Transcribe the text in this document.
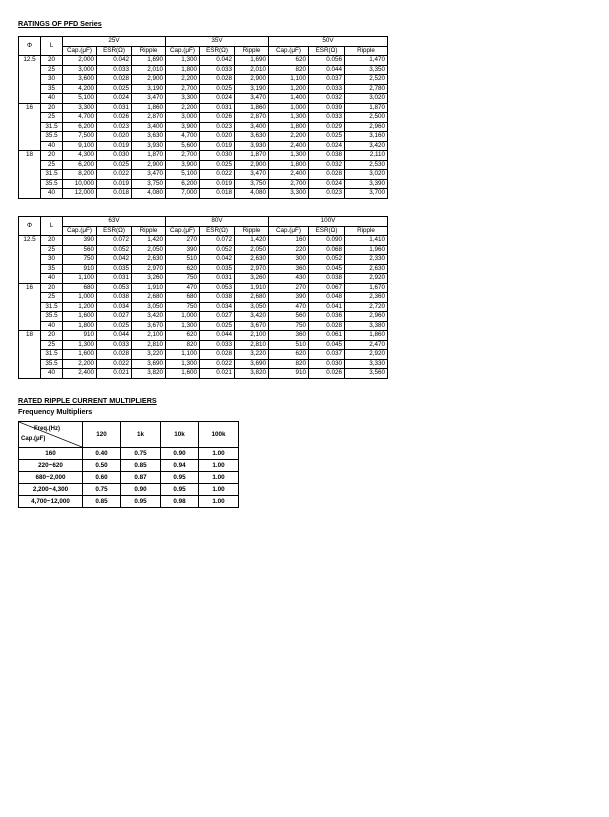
RATINGS OF PFD Series
Φ	L	25V			35V			50V		
		Cap.(μF)	ESR(Ω)	Ripple	Cap.(μF)	ESR(Ω)	Ripple	Cap.(μF)	ESR(Ω)	Ripple
12.5	20	2,000	0.042	1,690	1,300	0.042	1,690	620	0.056	1,470
	25	3,000	0.033	2,010	1,800	0.033	2,010	820	0.044	3,350
	30	3,600	0.028	2,900	2,200	0.028	2,900	1,100	0.037	2,520
	35	4,200	0.025	3,190	2,700	0.025	3,190	1,200	0.033	2,780
	40	5,100	0.024	3,470	3,300	0.024	3,470	1,400	0.032	3,020
16	20	3,300	0.031	1,860	2,200	0.031	1,860	1,000	0.039	1,870
	25	4,700	0.026	2,870	3,000	0.026	2,870	1,300	0.033	2,500
	31.5	6,200	0.023	3,400	3,900	0.023	3,400	1,800	0.029	2,960
	35.5	7,500	0.020	3,630	4,700	0.020	3,630	2,200	0.025	3,160
	40	9,100	0.019	3,930	5,600	0.019	3,930	2,400	0.024	3,420
18	20	4,300	0.030	1,870	2,700	0.030	1,870	1,300	0.038	2,110
	25	6,200	0.025	2,900	3,900	0.025	2,900	1,800	0.032	2,530
	31.5	8,200	0.022	3,470	5,100	0.022	3,470	2,400	0.028	3,020
	35.5	10,000	0.019	3,750	6,200	0.019	3,750	2,700	0.024	3,390
	40	12,000	0.018	4,080	7,000	0.018	4,080	3,300	0.023	3,700
Φ	L	63V			80V			100V		
		Cap.(μF)	ESR(Ω)	Ripple	Cap.(μF)	ESR(Ω)	Ripple	Cap.(μF)	ESR(Ω)	Ripple
12.5	20	390	0.072	1,420	270	0.072	1,420	160	0.090	1,410
	25	560	0.052	2,050	390	0.052	2,050	220	0.068	1,960
	30	750	0.042	2,630	510	0.042	2,630	300	0.052	2,330
	35	910	0.035	2,970	620	0.035	2,970	360	0.045	2,630
	40	1,100	0.031	3,260	750	0.031	3,260	430	0.038	2,920
16	20	680	0.053	1,910	470	0.053	1,910	270	0.067	1,670
	25	1,000	0.038	2,680	680	0.038	2,680	390	0.048	2,360
	31.5	1,200	0.034	3,050	750	0.034	3,050	470	0.041	2,720
	35.5	1,600	0.027	3,420	1,000	0.027	3,420	560	0.036	2,960
	40	1,800	0.025	3,670	1,300	0.025	3,670	750	0.028	3,380
18	20	910	0.044	2,100	620	0.044	2,100	360	0.061	1,860
	25	1,300	0.033	2,810	820	0.033	2,810	510	0.045	2,470
	31.5	1,600	0.028	3,220	1,100	0.028	3,220	620	0.037	2,920
	35.5	2,200	0.022	3,690	1,300	0.022	3,690	820	0.030	3,330
	40	2,400	0.021	3,820	1,600	0.021	3,820	910	0.026	3,560
RATED RIPPLE CURRENT MULTIPLIERS
Frequency Multipliers
Freq.(Hz)
Cap.(μF)	120	1k	10k	100k
160	0.40	0.75	0.90	1.00
220~620	0.50	0.85	0.94	1.00
680~2,000	0.60	0.87	0.95	1.00
2,200~4,300	0.75	0.90	0.95	1.00
4,700~12,000	0.85	0.95	0.98	1.00
